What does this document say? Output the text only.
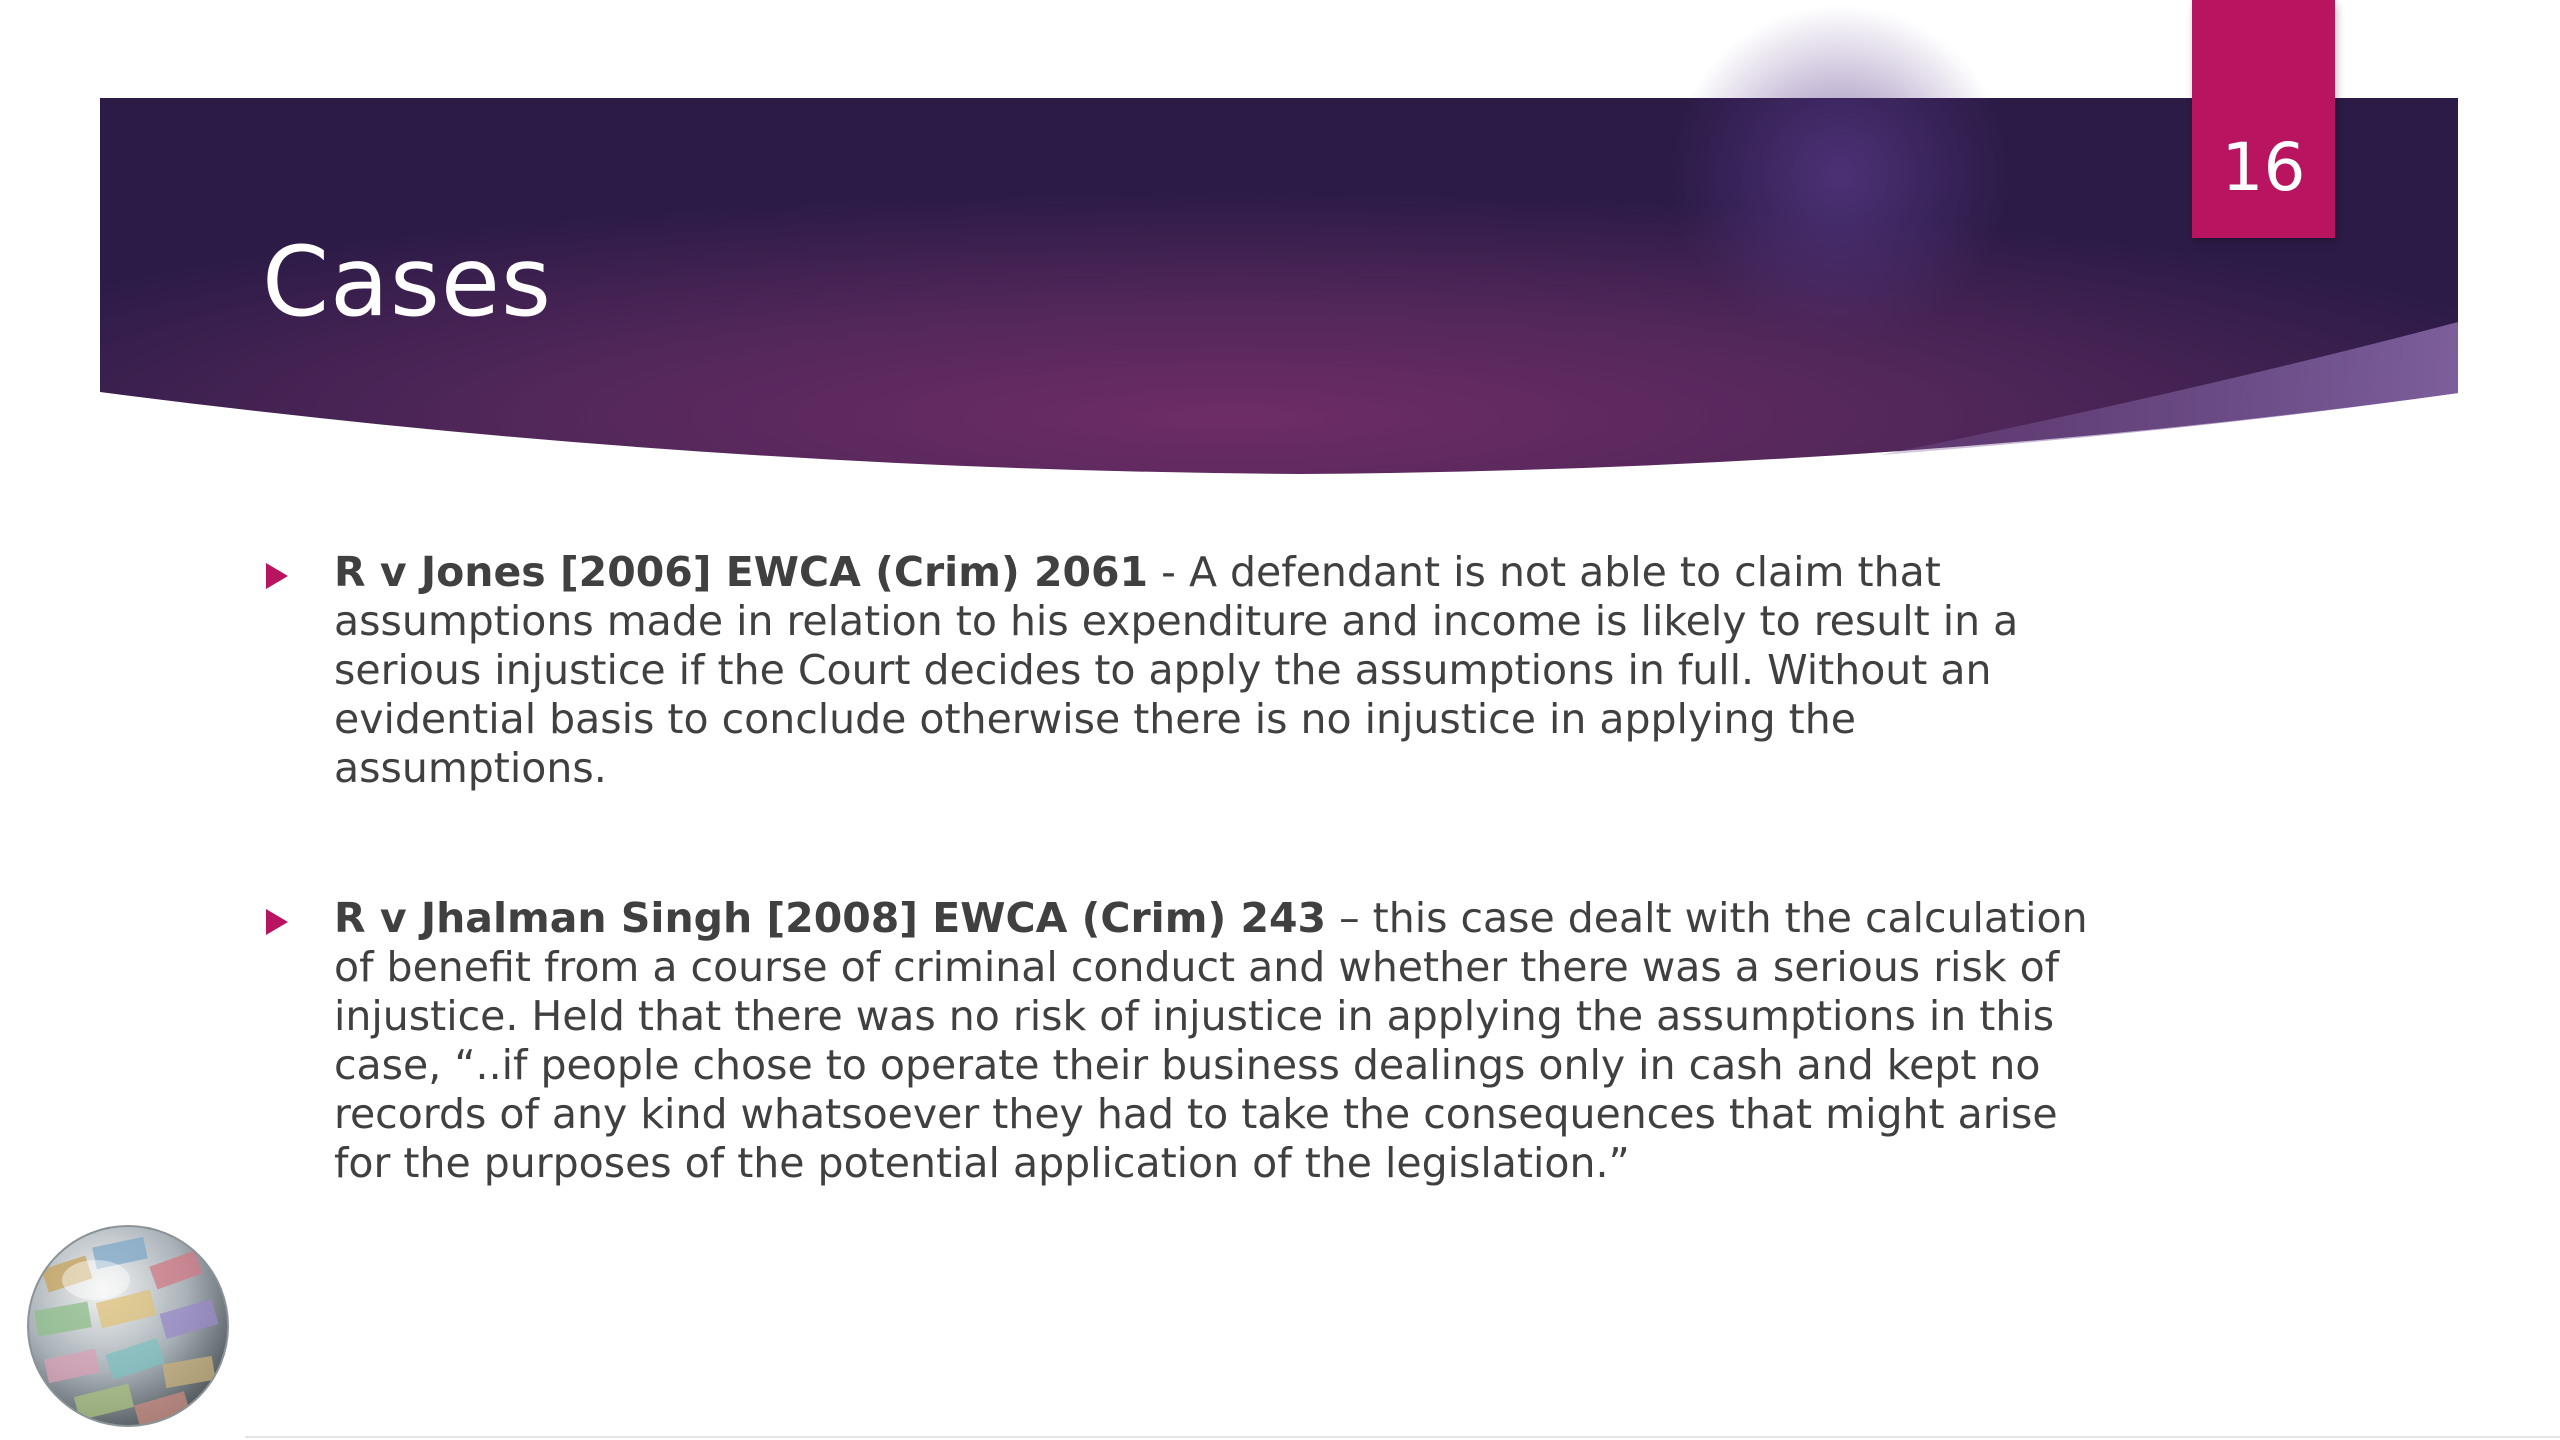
Cases
16
R v Jones [2006] EWCA (Crim) 2061 - A defendant is not able to claim that assumptions made in relation to his expenditure and income is likely to result in a serious injustice if the Court decides to apply the assumptions in full. Without an evidential basis to conclude otherwise there is no injustice in applying the assumptions.
R v Jhalman Singh [2008] EWCA (Crim) 243 – this case dealt with the calculation of benefit from a course of criminal conduct and whether there was a serious risk of injustice. Held that there was no risk of injustice in applying the assumptions in this case, “..if people chose to operate their business dealings only in cash and kept no records of any kind whatsoever they had to take the consequences that might arise for the purposes of the potential application of the legislation.”
